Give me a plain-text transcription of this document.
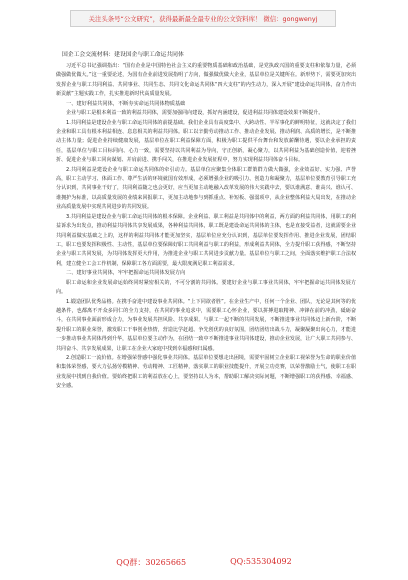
关注头条号“公文研究”，获得最新最全最专业的公文资料库！ 微信：gongwenyj

国企工会交流材料：建设国企与职工命运共同体

习近平总书记强调指出：“国有企业是中国特色社会主义的重要物质基础和政治基础，是党执政兴国的重要支柱和依靠力量，必须做强做优做大。”这一重要论述，为国有企业前进发展指明了方向，做强做优做大企业，基层单位是关键所在。新形势下，需要更加突出发挥企业与职工共同利益、共同事业、共同生态、共同文化命运共同体“四大支柱”的内生动力，深入开展“建设命运共同体，奋力作出新贡献”主题实践工作，扎实推进新时代高质量发展。

一、建好利益共同体，不断夯实命运共同体物质基础

企业与职工是根本利益一致的利益共同体，需要加强同向建设，抓好内涵建设，促进利益共同体建设效果不断提升。

1.共同利益是建设企业与职工命运共同体的前提基础。我们企业具有高度集中、大跨动性、半军事化的鲜明特征，这就决定了我们企业和职工具有根本利益相连、息息相关的利益共同体。职工以辛勤劳动推动工作、推动企业发展、推动利润、高质的增长，是不断推动主体力量；促进企业持续健康发展，基层单位在职工利益保障方面，积极为职工提供平台舞台和发放薪酬待遇，要以企业承担的责任，基层单位与职工目标同向、心力一致，需要坚持以共同利益为导向，守正创新，凝心聚力，以共同利益为基础创造价值，迎着挫折、促进企业与职工同向谋划、并肩前进、携手闯关，在推进企业发展征程中，努力实现利益共同体奋斗目标。

2.共同利益是建设企业与职工命运共同体的牵引动力。基层单位应聚集全体职工群策群力做大做强，企业效益好、实力强、声誉高，职工主动学习、体面工作、尊严生活的环境就国有效形成，必须增强企业的吸引力、创造力和凝聚力，基层单位要教育引导职工充分认识到，共同事业干好了，共同利益随之也会更好，应当更加主动地融入改革发展的伟大实践中去，要以谁满意、谁高兴、谁认可、谁拥护为标准，以高质量发展的业绩来回报职工，更加主动地参与到抓重点、补短板、强弱项中，从企业整体利益大局出发，在推动企业高质量发展中实现共同进步的共同发展。

3.共同利益是建设企业与职工命运共同体的根本保障。企业利益、职工利益是共同体中的利益，两方面的利益共同体，用职工的利益诉求为出发点，推动利益共同体共享发展成果，各种利益共同体，职工既是建设命运共同体的主体，也是直接受益者，这就需要企业共同利益做实基础之上的，这样的利益共同体才能更加坚实，基层单位应充分认识到，基层单位要发挥作用、推进企业发展，团结职工，职工也要发挥积极性、主动性，基层单位要保障好职工共同利益与职工的利益，形成利益共同体，全力提升职工获得感，不断坚持企业与职工共同发展，为共同体发挥更大作用，为推进企业与职工共同进步贡献力量。基层单位与职工之间，全面落实维护职工合法权利，建立健全工会工作机制，保障职工各方面需要，最大限度满足职工利益需求。

二、建好事业共同体，牢牢把握命运共同体发展方向

职工命运和企业发展命运始终同时紧密相关的，不可分割的共同体。要建好企业与职工事业共同体，牢牢把握命运共同体发展方向。

1.锻造团队优秀品格。在携手奋进中建设事业共同体。“上下同欲者胜”。在企业生产中，任何一个企业、团队，无论是其何等的优越条件，也都离不开众多同仁的全力支持，在共同的事业追求中，需要职工心怀企业，要以拼搏进取精神、冲锋在前的冲劲，砥砺奋斗，在共同事业面前形成合力，为事业发展共担风险、共享成果。与职工一起不断的共同发展，不断推进事业共同体迈上新台阶，不断提升职工的职业荣誉，激发职工干事创业热情，营造比学赶超、争先创优的良好氛围，团结团结出战斗力，凝聚凝聚出向心力，才能进一步推动事业共同体得到升华，基层单位要主动作为，在团结一致中不断推进事业共同体建设，推动企业发展，让广大职工共同参与、共同奋斗、共享发展成果，让职工在企业大家庭中找到幸福感和归属感。

2.创造职工一流价值。在增强荣誉感中强化事业共同体。基层单位要想走出困境，需要牢固树立企业职工视荣誉为生命的职业价值和集体荣誉感，要大力弘扬劳模精神、劳动精神、工匠精神，落实职工的职业技能提升，开展立功竞赛，以荣誉激励士气，使职工在职业发展中找到自我价值。要始终把职工的利益放在心上，要坚持以人为本，帮助职工解决实际问题，不断增强职工的获得感、幸福感、安全感。

QQ群：30265665	QQ:535304092
